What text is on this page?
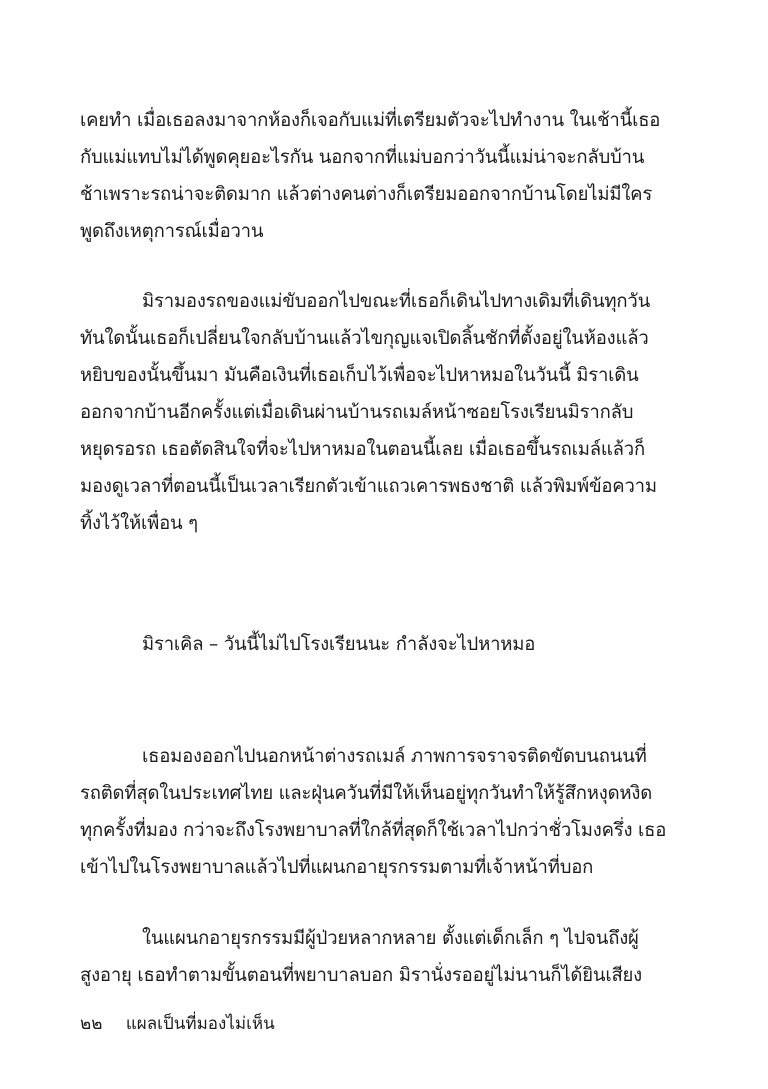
เคยทำ เมื่อเธอลงมาจากห้องก็เจอกับแม่ที่เตรียมตัวจะไปทำงาน ในเช้านี้เธอ
กับแม่แทบไม่ได้พูดคุยอะไรกัน นอกจากที่แม่บอกว่าวันนี้แม่น่าจะกลับบ้าน
ช้าเพราะรถน่าจะติดมาก แล้วต่างคนต่างก็เตรียมออกจากบ้านโดยไม่มีใคร
พูดถึงเหตุการณ์เมื่อวาน
มิรามองรถของแม่ขับออกไปขณะที่เธอก็เดินไปทางเดิมที่เดินทุกวัน
ทันใดนั้นเธอก็เปลี่ยนใจกลับบ้านแล้วไขกุญแจเปิดลิ้นชักที่ตั้งอยู่ในห้องแล้ว
หยิบของนั้นขึ้นมา มันคือเงินที่เธอเก็บไว้เพื่อจะไปหาหมอในวันนี้ มิราเดิน
ออกจากบ้านอีกครั้งแต่เมื่อเดินผ่านบ้านรถเมล์หน้าซอยโรงเรียนมิรากลับ
หยุดรอรถ เธอตัดสินใจที่จะไปหาหมอในตอนนี้เลย เมื่อเธอขึ้นรถเมล์แล้วก็
มองดูเวลาที่ตอนนี้เป็นเวลาเรียกตัวเข้าแถวเคารพธงชาติ แล้วพิมพ์ข้อความ
ทิ้งไว้ให้เพื่อน ๆ
มิราเคิล – วันนี้ไม่ไปโรงเรียนนะ กำลังจะไปหาหมอ
เธอมองออกไปนอกหน้าต่างรถเมล์ ภาพการจราจรติดขัดบนถนนที่
รถติดที่สุดในประเทศไทย และฝุ่นควันที่มีให้เห็นอยู่ทุกวันทำให้รู้สึกหงุดหงิด
ทุกครั้งที่มอง กว่าจะถึงโรงพยาบาลที่ใกล้ที่สุดก็ใช้เวลาไปกว่าชั่วโมงครึ่ง เธอ
เข้าไปในโรงพยาบาลแล้วไปที่แผนกอายุรกรรมตามที่เจ้าหน้าที่บอก
ในแผนกอายุรกรรมมีผู้ป่วยหลากหลาย ตั้งแต่เด็กเล็ก ๆ ไปจนถึงผู้
สูงอายุ เธอทำตามขั้นตอนที่พยาบาลบอก มิรานั่งรออยู่ไม่นานก็ได้ยินเสียง
๒๒ แผลเป็นที่มองไม่เห็น
